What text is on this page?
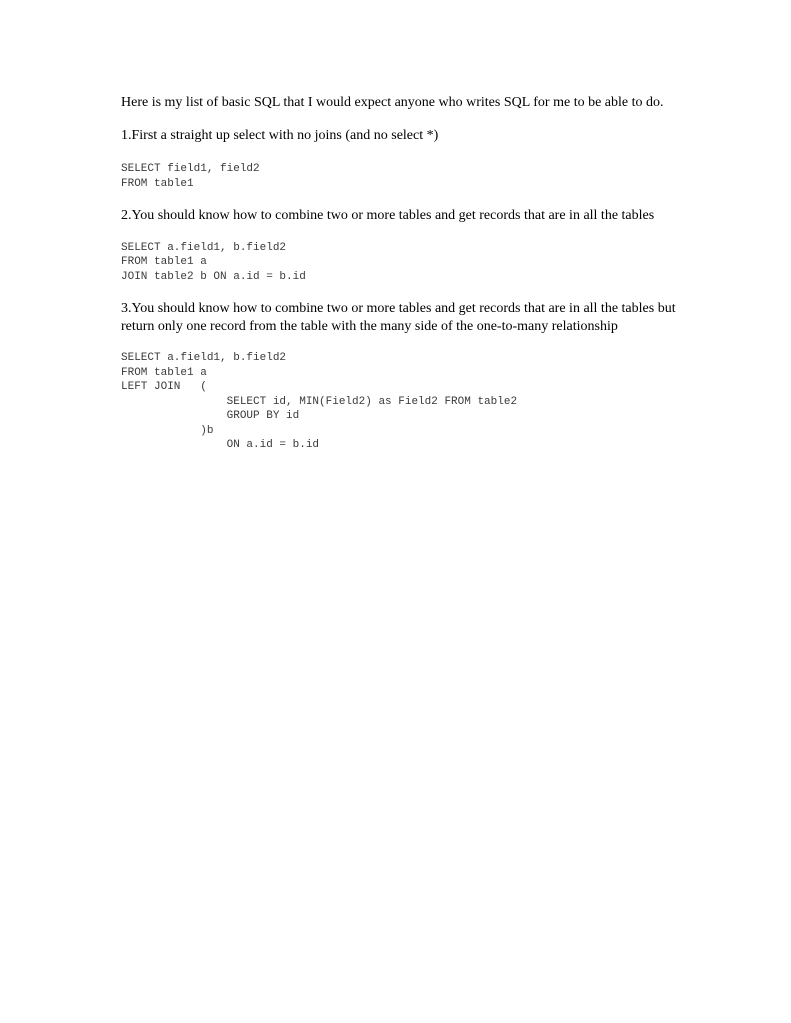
Here is my list of basic SQL that I would expect anyone who writes SQL for me to be able to do.

1.First a straight up select with no joins (and no select *)

SELECT field1, field2
FROM table1

2.You should know how to combine two or more tables and get records that are in all the tables

SELECT a.field1, b.field2
FROM table1 a
JOIN table2 b ON a.id = b.id

3.You should know how to combine two or more tables and get records that are in all the tables but return only one record from the table with the many side of the one-to-many relationship

SELECT a.field1, b.field2
FROM table1 a
LEFT JOIN   (
SELECT id, MIN(Field2) as Field2 FROM table2
GROUP BY id
)b
ON a.id = b.id
